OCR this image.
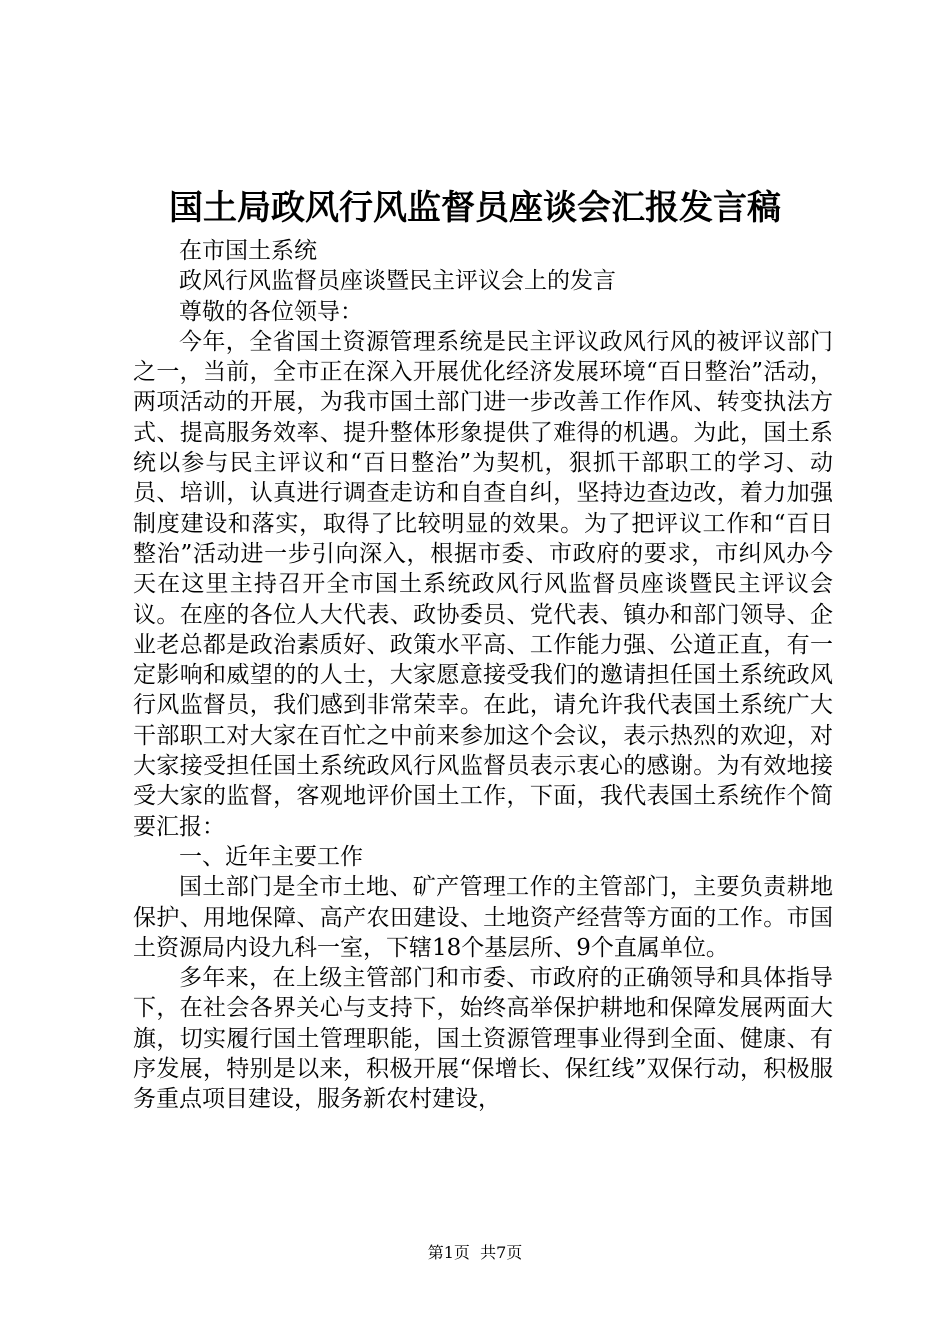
国土局政风行风监督员座谈会汇报发言稿

在市国土系统

政风行风监督员座谈暨民主评议会上的发言

尊敬的各位领导：

今年，全省国土资源管理系统是民主评议政风行风的被评议部门之一，当前，全市正在深入开展优化经济发展环境“百日整治”活动，两项活动的开展，为我市国土部门进一步改善工作作风、转变执法方式、提高服务效率、提升整体形象提供了难得的机遇。为此，国土系统以参与民主评议和“百日整治”为契机，狠抓干部职工的学习、动员、培训，认真进行调查走访和自查自纠，坚持边查边改，着力加强制度建设和落实，取得了比较明显的效果。为了把评议工作和“百日整治”活动进一步引向深入，根据市委、市政府的要求，市纠风办今天在这里主持召开全市国土系统政风行风监督员座谈暨民主评议会议。在座的各位人大代表、政协委员、党代表、镇办和部门领导、企业老总都是政治素质好、政策水平高、工作能力强、公道正直，有一定影响和威望的的人士，大家愿意接受我们的邀请担任国土系统政风行风监督员，我们感到非常荣幸。在此，请允许我代表国土系统广大干部职工对大家在百忙之中前来参加这个会议，表示热烈的欢迎，对大家接受担任国土系统政风行风监督员表示衷心的感谢。为有效地接受大家的监督，客观地评价国土工作，下面，我代表国土系统作个简要汇报：

一、近年主要工作

国土部门是全市土地、矿产管理工作的主管部门，主要负责耕地保护、用地保障、高产农田建设、土地资产经营等方面的工作。市国土资源局内设九科一室，下辖18个基层所、9个直属单位。

多年来，在上级主管部门和市委、市政府的正确领导和具体指导下，在社会各界关心与支持下，始终高举保护耕地和保障发展两面大旗，切实履行国土管理职能，国土资源管理事业得到全面、健康、有序发展，特别是以来，积极开展“保增长、保红线”双保行动，积极服务重点项目建设，服务新农村建设，

第1页 共7页
